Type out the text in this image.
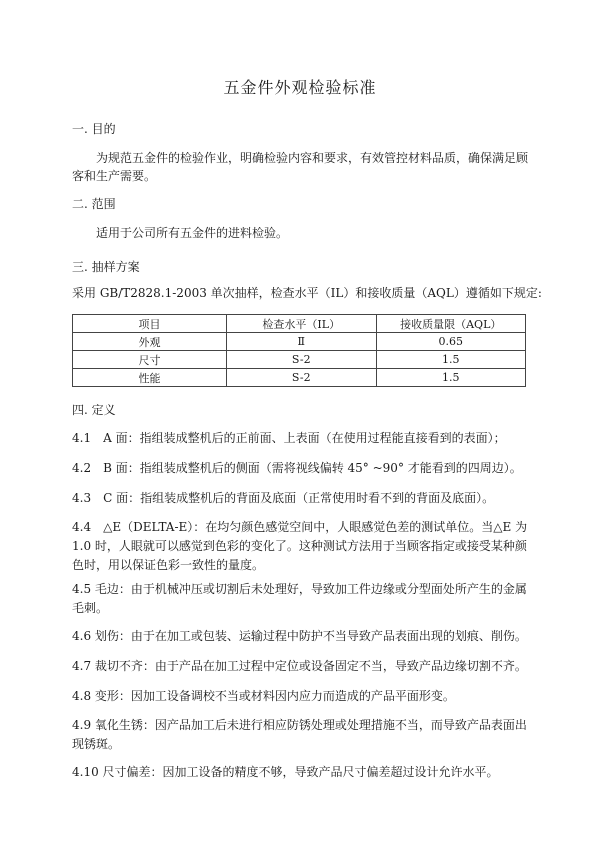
五金件外观检验标准
一. 目的
为规范五金件的检验作业，明确检验内容和要求，有效管控材料品质，确保满足顾客和生产需要。
二. 范围
适用于公司所有五金件的进料检验。
三. 抽样方案
采用 GB/T2828.1-2003 单次抽样，检查水平（IL）和接收质量（AQL）遵循如下规定:
项目	检查水平（IL）	接收质量限（AQL）
外观	Ⅱ	0.65
尺寸	S-2	1.5
性能	S-2	1.5
四. 定义
4.1　A 面：指组装成整机后的正前面、上表面（在使用过程能直接看到的表面）；
4.2　B 面：指组装成整机后的侧面（需将视线偏转 45° ~90° 才能看到的四周边）。
4.3　C 面：指组装成整机后的背面及底面（正常使用时看不到的背面及底面）。
4.4　△E（DELTA-E）：在均匀颜色感觉空间中，人眼感觉色差的测试单位。当△E 为 1.0 时，人眼就可以感觉到色彩的变化了。这种测试方法用于当顾客指定或接受某种颜色时，用以保证色彩一致性的量度。
4.5 毛边：由于机械冲压或切割后未处理好，导致加工件边缘或分型面处所产生的金属毛刺。
4.6 划伤：由于在加工或包装、运输过程中防护不当导致产品表面出现的划痕、削伤。
4.7 裁切不齐：由于产品在加工过程中定位或设备固定不当，导致产品边缘切割不齐。
4.8 变形：因加工设备调校不当或材料因内应力而造成的产品平面形变。
4.9 氧化生锈：因产品加工后未进行相应防锈处理或处理措施不当，而导致产品表面出现锈斑。
4.10 尺寸偏差：因加工设备的精度不够，导致产品尺寸偏差超过设计允许水平。
